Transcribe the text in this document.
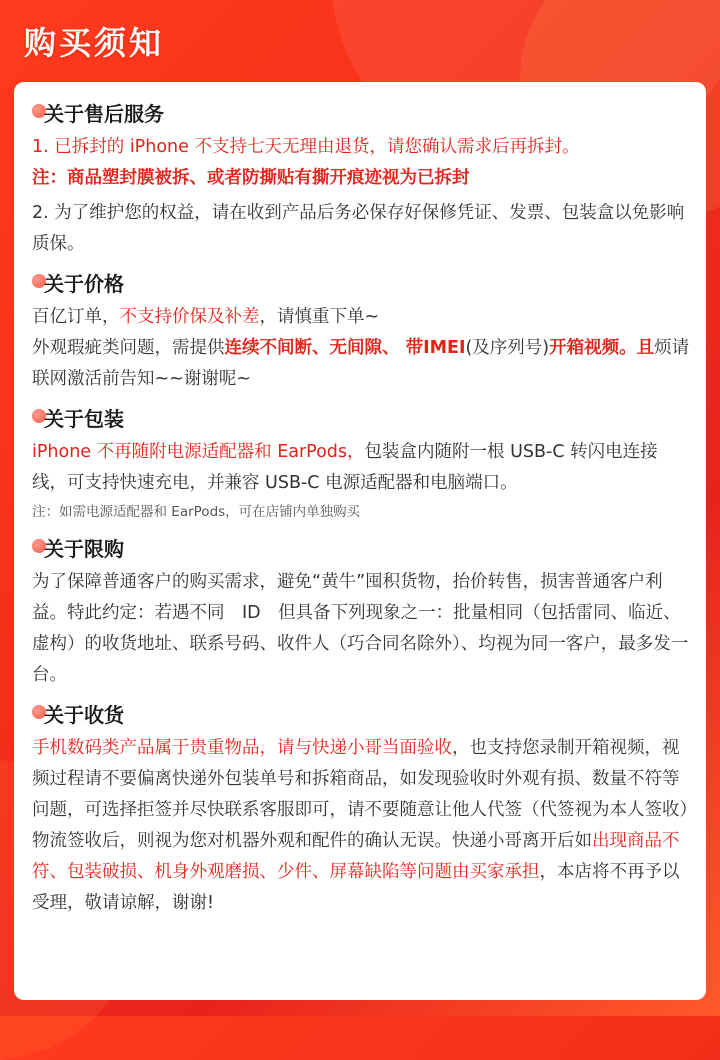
购买须知
关于售后服务

1. 已拆封的 iPhone 不支持七天无理由退货，请您确认需求后再拆封。

注：商品塑封膜被拆、或者防撕贴有撕开痕迹视为已拆封

2. 为了维护您的权益，请在收到产品后务必保存好保修凭证、发票、包装盒以免影响质保。

关于价格

百亿订单，不支持价保及补差，请慎重下单~

外观瑕疵类问题，需提供连续不间断、无间隙、 带IMEI(及序列号)开箱视频。且烦请联网激活前告知~~谢谢呢~

关于包装

iPhone 不再随附电源适配器和 EarPods，包装盒内随附一根 USB-C 转闪电连接线，可支持快速充电，并兼容 USB-C 电源适配器和电脑端口。

注：如需电源适配器和 EarPods，可在店铺内单独购买

关于限购

为了保障普通客户的购买需求，避免“黄牛”囤积货物，抬价转售，损害普通客户利益。特此约定：若遇不同　ID　但具备下列现象之一：批量相同（包括雷同、临近、虚构）的收货地址、联系号码、收件人（巧合同名除外）、均视为同一客户，最多发一台。

关于收货

手机数码类产品属于贵重物品，请与快递小哥当面验收，也支持您录制开箱视频，视频过程请不要偏离快递外包装单号和拆箱商品，如发现验收时外观有损、数量不符等问题，可选择拒签并尽快联系客服即可，请不要随意让他人代签（代签视为本人签收）

物流签收后，则视为您对机器外观和配件的确认无误。快递小哥离开后如出现商品不符、包装破损、机身外观磨损、少件、屏幕缺陷等问题由买家承担，本店将不再予以受理，敬请谅解，谢谢!
